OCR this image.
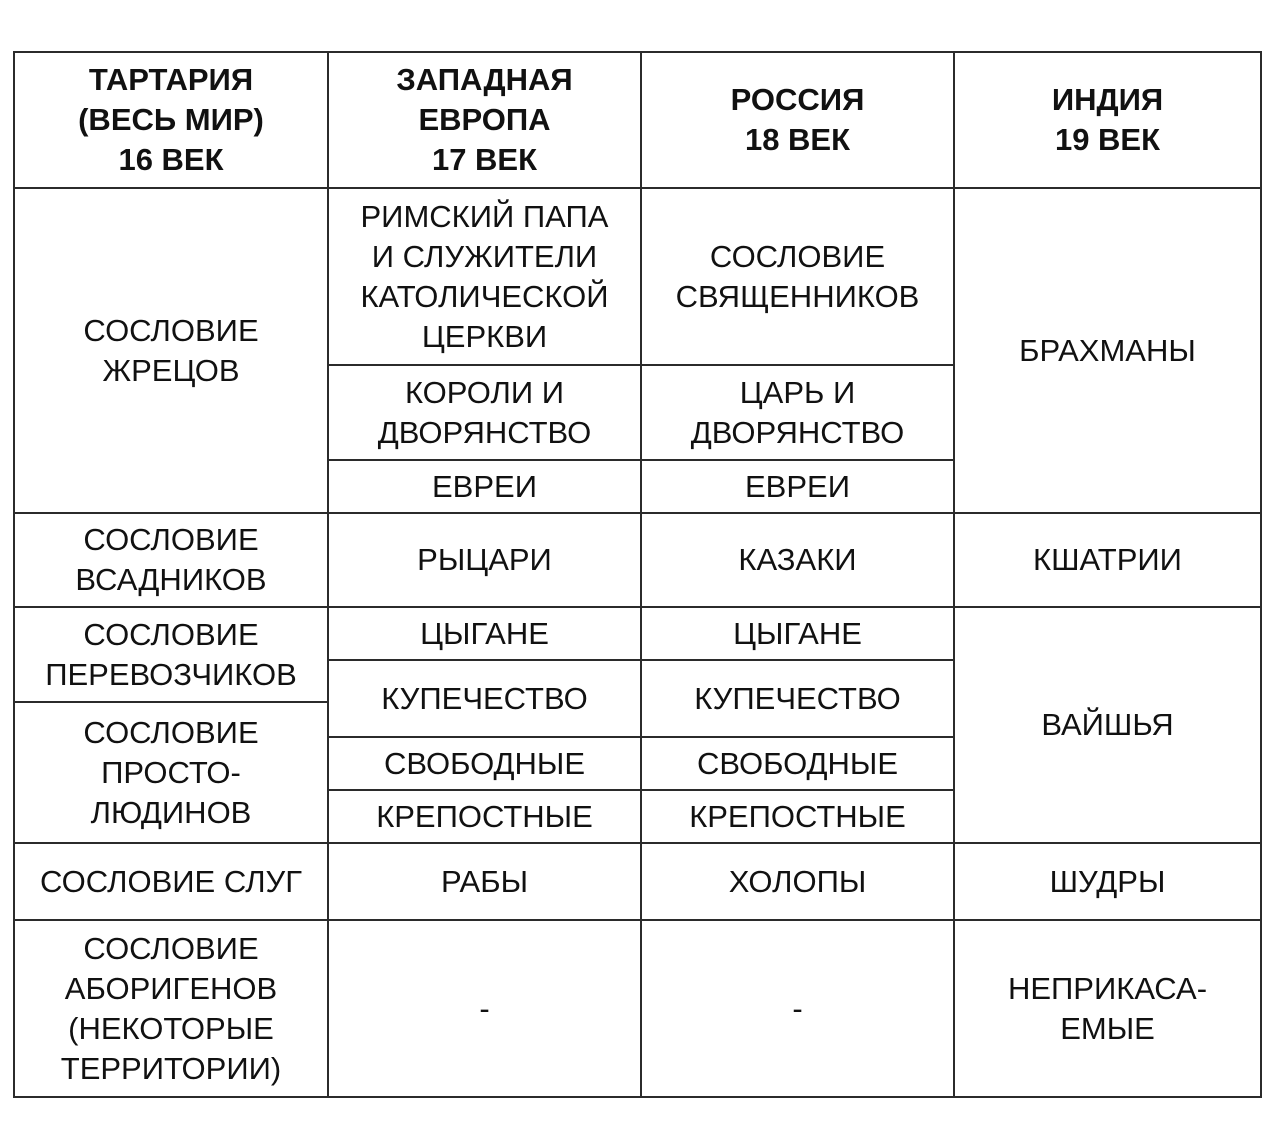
ТАРТАРИЯ
(ВЕСЬ МИР)
16 ВЕК	ЗАПАДНАЯ
ЕВРОПА
17 ВЕК	РОССИЯ
18 ВЕК	ИНДИЯ
19 ВЕК
СОСЛОВИЕ
ЖРЕЦОВ	РИМСКИЙ ПАПА
И СЛУЖИТЕЛИ
КАТОЛИЧЕСКОЙ
ЦЕРКВИ	СОСЛОВИЕ
СВЯЩЕННИКОВ	БРАХМАНЫ
	КОРОЛИ И
ДВОРЯНСТВО	ЦАРЬ И
ДВОРЯНСТВО	
	ЕВРЕИ	ЕВРЕИ	
СОСЛОВИЕ
ВСАДНИКОВ	РЫЦАРИ	КАЗАКИ	КШАТРИИ
СОСЛОВИЕ
ПЕРЕВОЗЧИКОВ	ЦЫГАНЕ	ЦЫГАНЕ	ВАЙШЬЯ
	КУПЕЧЕСТВО	КУПЕЧЕСТВО	
СОСЛОВИЕ
ПРОСТО-
ЛЮДИНОВ			
	СВОБОДНЫЕ	СВОБОДНЫЕ	
	КРЕПОСТНЫЕ	КРЕПОСТНЫЕ	
СОСЛОВИЕ СЛУГ	РАБЫ	ХОЛОПЫ	ШУДРЫ
СОСЛОВИЕ
АБОРИГЕНОВ
(НЕКОТОРЫЕ
ТЕРРИТОРИИ)	-	-	НЕПРИКАСА-
ЕМЫЕ
